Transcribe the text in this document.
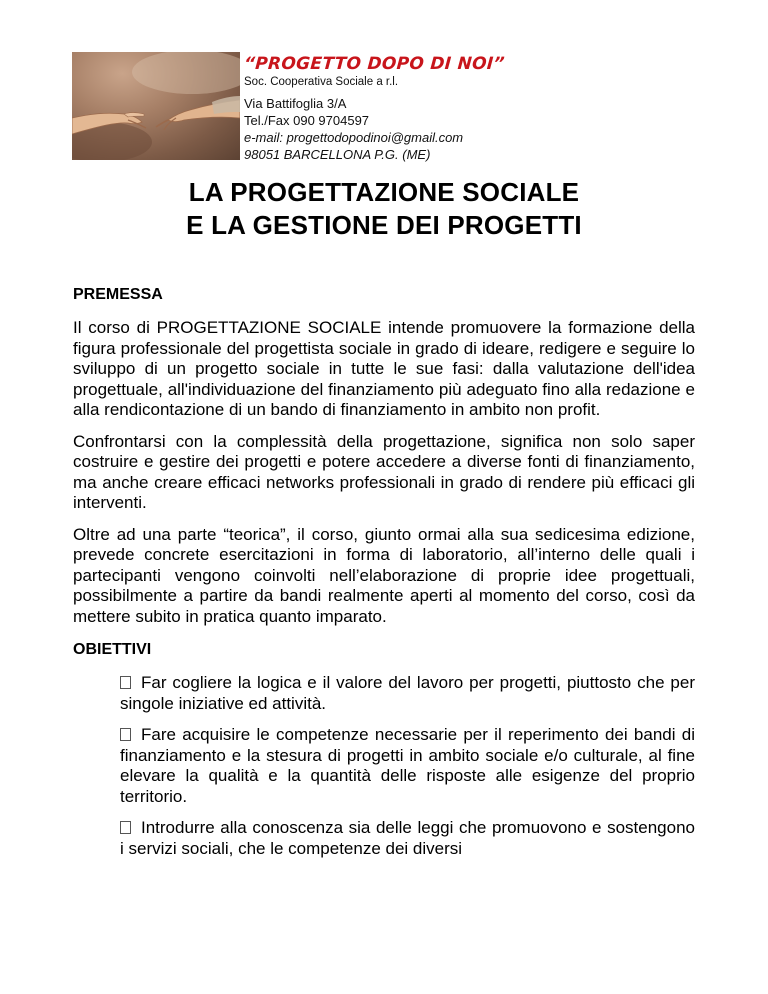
“PROGETTO DOPO DI NOI”

Soc. Cooperativa Sociale a r.l.

Via Battifoglia 3/A

Tel./Fax 090 9704597

e-mail: progettodopodinoi@gmail.com

98051 BARCELLONA P.G. (ME)

LA PROGETTAZIONE SOCIALE
E LA GESTIONE DEI PROGETTI

PREMESSA

Il corso di PROGETTAZIONE SOCIALE intende promuovere la formazione della figura professionale del progettista sociale in grado di ideare, redigere e seguire lo sviluppo di un progetto sociale in tutte le sue fasi: dalla valutazione dell'idea progettuale, all'individuazione del finanziamento più adeguato fino alla redazione e alla rendicontazione di un bando di finanziamento in ambito non profit.

Confrontarsi con la complessità della progettazione, significa non solo saper costruire e gestire dei progetti e potere accedere a diverse fonti di finanziamento, ma anche creare efficaci networks professionali in grado di rendere più efficaci gli interventi.

Oltre ad una parte “teorica”, il corso, giunto ormai alla sua sedicesima edizione, prevede concrete esercitazioni in forma di laboratorio, all’interno delle quali i partecipanti vengono coinvolti nell’elaborazione di proprie idee progettuali, possibilmente a partire da bandi realmente aperti al momento del corso, così da mettere subito in pratica quanto imparato.

OBIETTIVI

Far cogliere la logica e il valore del lavoro per progetti, piuttosto che per singole iniziative ed attività.

Fare acquisire le competenze necessarie per il reperimento dei bandi di finanziamento e la stesura di progetti in ambito sociale e/o culturale, al fine elevare la qualità e la quantità delle risposte alle esigenze del proprio territorio.

Introdurre alla conoscenza sia delle leggi che promuovono e sostengono i servizi sociali, che le competenze dei diversi
